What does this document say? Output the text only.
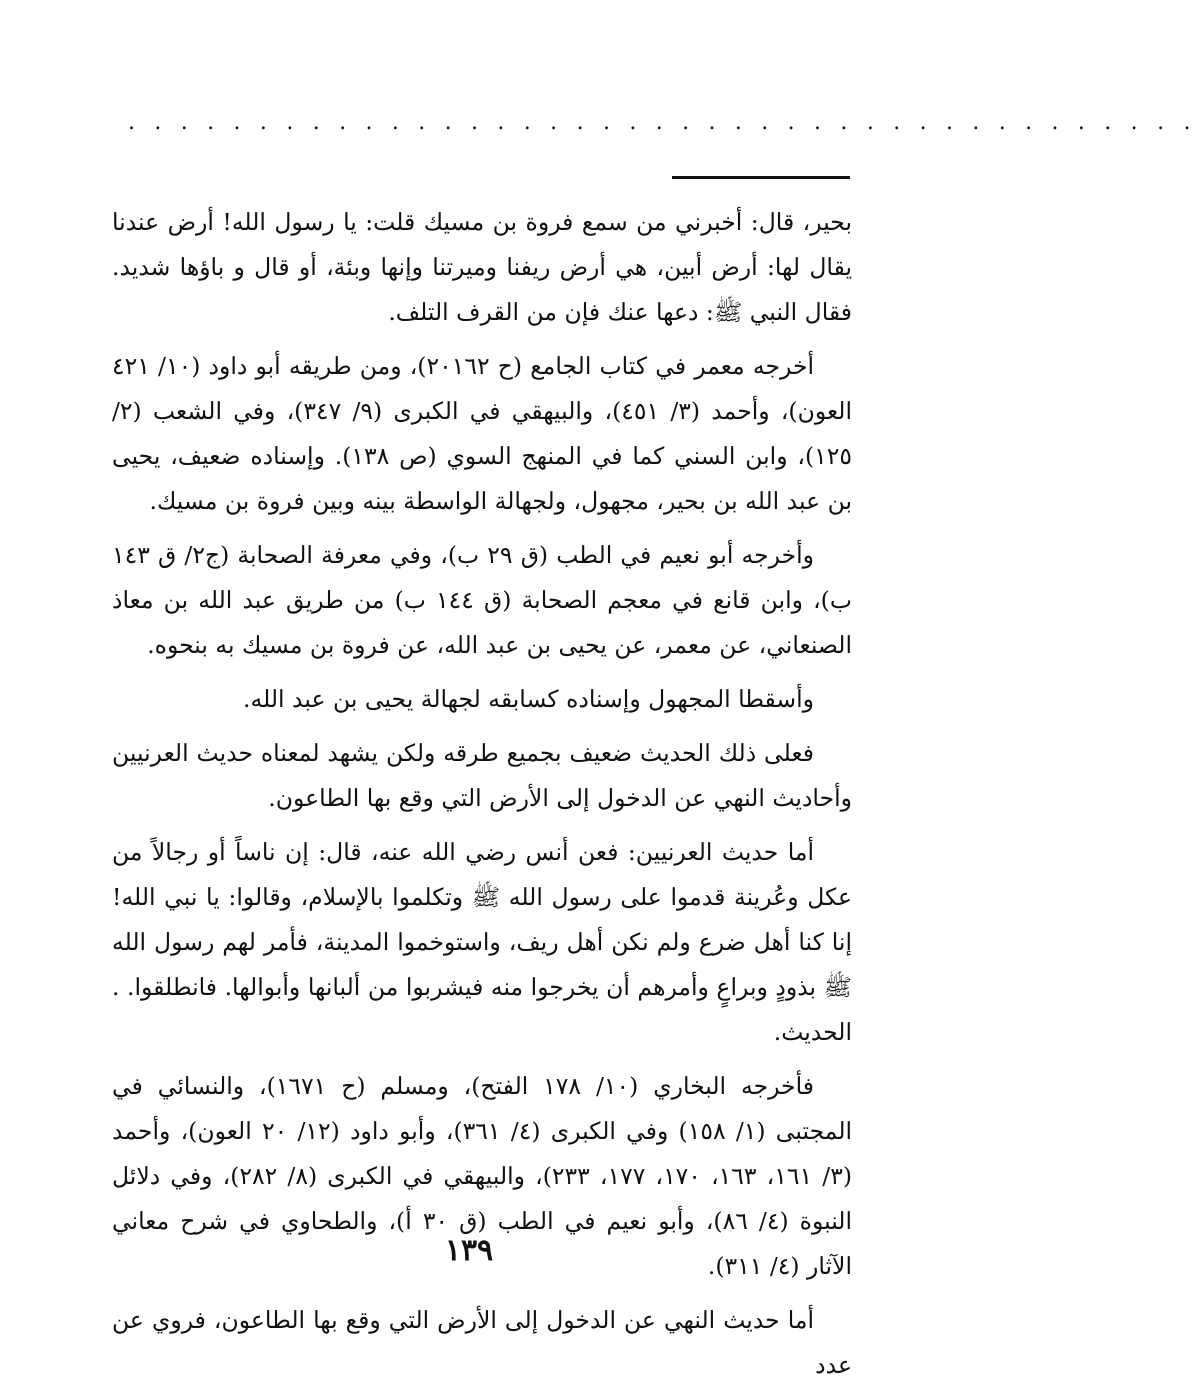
. . . . . . . . . . . . . . . . . . . . . . . . . . . . . . . . . . . . . . . . .

بحير، قال: أخبرني من سمع فروة بن مسيك قلت: يا رسول الله! أرض عندنا يقال لها: أرض أبين، هي أرض ريفنا وميرتنا وإنها وبئة، أو قال و باؤها شديد. فقال النبي ﷺ: دعها عنك فإن من القرف التلف.

أخرجه معمر في كتاب الجامع (ح ٢٠١٦٢)، ومن طريقه أبو داود (١٠/ ٤٢١ العون)، وأحمد (٣/ ٤٥١)، والبيهقي في الكبرى (٩/ ٣٤٧)، وفي الشعب (٢/ ١٢٥)، وابن السني كما في المنهج السوي (ص ١٣٨). وإسناده ضعيف، يحيى بن عبد الله بن بحير، مجهول، ولجهالة الواسطة بينه وبين فروة بن مسيك.

وأخرجه أبو نعيم في الطب (ق ٢٩ ب)، وفي معرفة الصحابة (ج٢/ ق ١٤٣ ب)، وابن قانع في معجم الصحابة (ق ١٤٤ ب) من طريق عبد الله بن معاذ الصنعاني، عن معمر، عن يحيى بن عبد الله، عن فروة بن مسيك به بنحوه.

وأسقطا المجهول وإسناده كسابقه لجهالة يحيى بن عبد الله.

فعلى ذلك الحديث ضعيف بجميع طرقه ولكن يشهد لمعناه حديث العرنيين وأحاديث النهي عن الدخول إلى الأرض التي وقع بها الطاعون.

أما حديث العرنيين: فعن أنس رضي الله عنه، قال: إن ناساً أو رجالاً من عكل وعُرينة قدموا على رسول الله ﷺ وتكلموا بالإسلام، وقالوا: يا نبي الله! إنا كنا أهل ضرع ولم نكن أهل ريف، واستوخموا المدينة، فأمر لهم رسول الله ﷺ بذودٍ وبراعٍ وأمرهم أن يخرجوا منه فيشربوا من ألبانها وأبوالها. فانطلقوا. . الحديث.

فأخرجه البخاري (١٠/ ١٧٨ الفتح)، ومسلم (ح ١٦٧١)، والنسائي في المجتبى (١/ ١٥٨) وفي الكبرى (٤/ ٣٦١)، وأبو داود (١٢/ ٢٠ العون)، وأحمد (٣/ ١٦١، ١٦٣، ١٧٠، ١٧٧، ٢٣٣)، والبيهقي في الكبرى (٨/ ٢٨٢)، وفي دلائل النبوة (٤/ ٨٦)، وأبو نعيم في الطب (ق ٣٠ أ)، والطحاوي في شرح معاني الآثار (٤/ ٣١١).

أما حديث النهي عن الدخول إلى الأرض التي وقع بها الطاعون، فروي عن عدد

١٣٩
